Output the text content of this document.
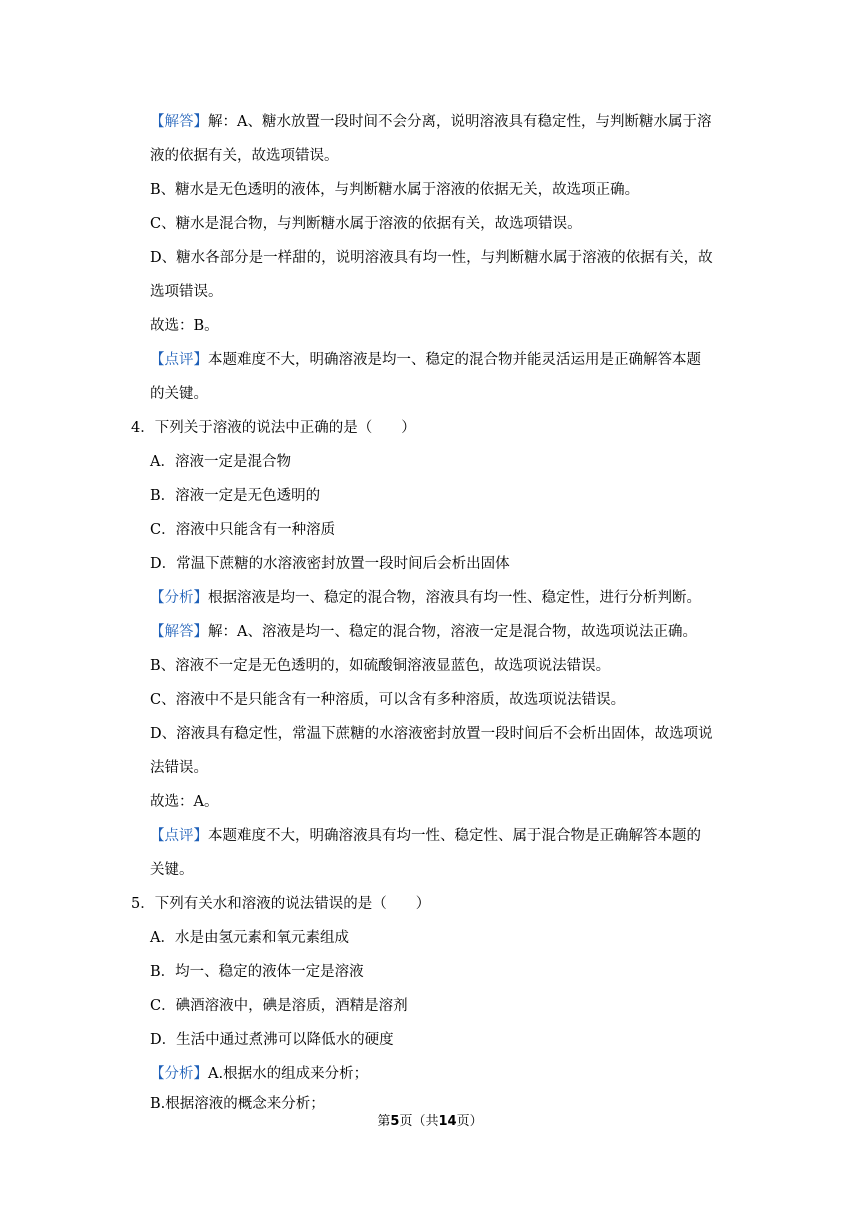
【解答】解：A、糖水放置一段时间不会分离，说明溶液具有稳定性，与判断糖水属于溶
液的依据有关，故选项错误。
B、糖水是无色透明的液体，与判断糖水属于溶液的依据无关，故选项正确。
C、糖水是混合物，与判断糖水属于溶液的依据有关，故选项错误。
D、糖水各部分是一样甜的，说明溶液具有均一性，与判断糖水属于溶液的依据有关，故
选项错误。
故选：B。
【点评】本题难度不大，明确溶液是均一、稳定的混合物并能灵活运用是正确解答本题
的关键。
4．下列关于溶液的说法中正确的是（　　）
A．溶液一定是混合物
B．溶液一定是无色透明的
C．溶液中只能含有一种溶质
D．常温下蔗糖的水溶液密封放置一段时间后会析出固体
【分析】根据溶液是均一、稳定的混合物，溶液具有均一性、稳定性，进行分析判断。
【解答】解：A、溶液是均一、稳定的混合物，溶液一定是混合物，故选项说法正确。
B、溶液不一定是无色透明的，如硫酸铜溶液显蓝色，故选项说法错误。
C、溶液中不是只能含有一种溶质，可以含有多种溶质，故选项说法错误。
D、溶液具有稳定性，常温下蔗糖的水溶液密封放置一段时间后不会析出固体，故选项说
法错误。
故选：A。
【点评】本题难度不大，明确溶液具有均一性、稳定性、属于混合物是正确解答本题的
关键。
5．下列有关水和溶液的说法错误的是（　　）
A．水是由氢元素和氧元素组成
B．均一、稳定的液体一定是溶液
C．碘酒溶液中，碘是溶质，酒精是溶剂
D．生活中通过煮沸可以降低水的硬度
【分析】A.根据水的组成来分析；
B.根据溶液的概念来分析；
第5页（共14页）
